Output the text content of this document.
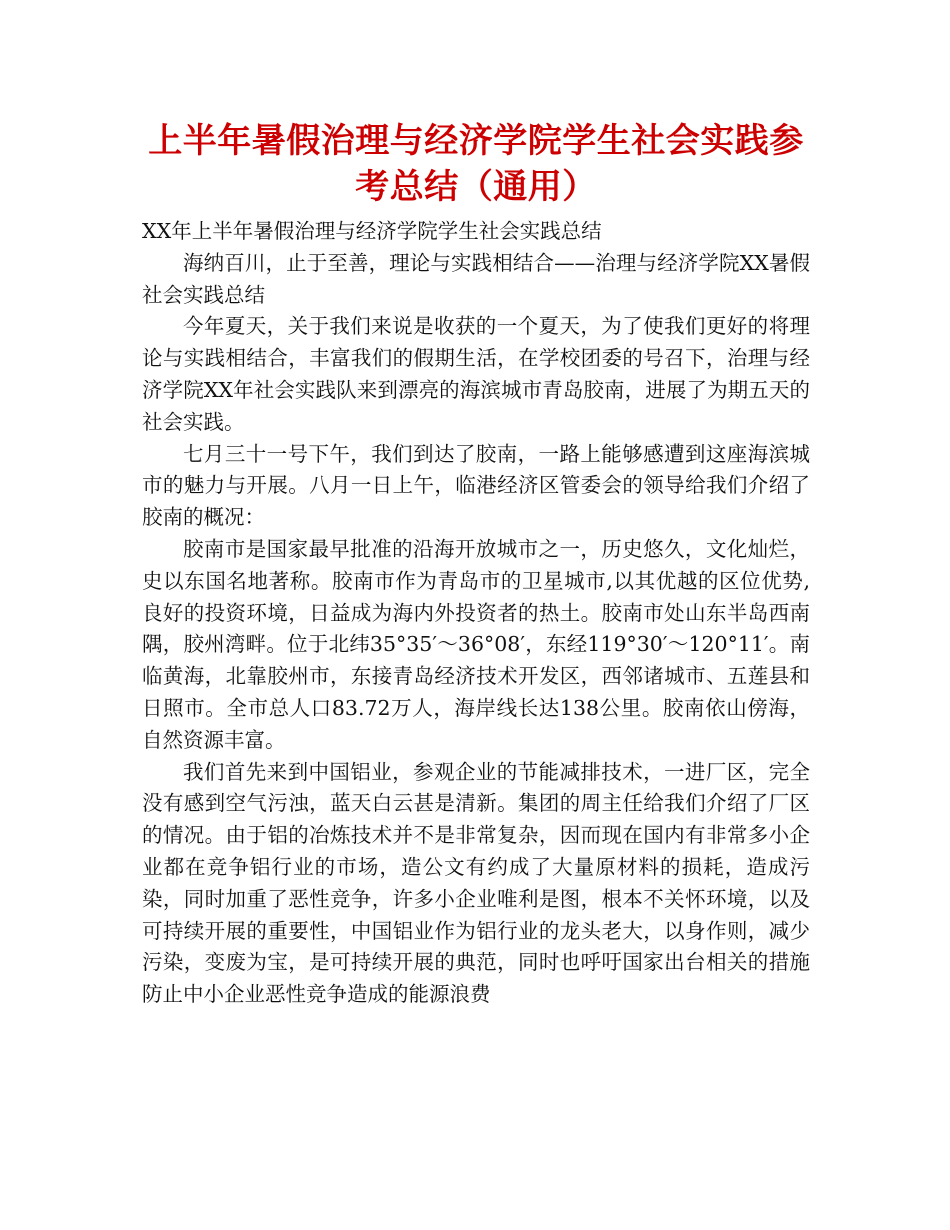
上半年暑假治理与经济学院学生社会实践参考总结（通用）

XX年上半年暑假治理与经济学院学生社会实践总结

海纳百川，止于至善，理论与实践相结合——治理与经济学院XX暑假社会实践总结

今年夏天，关于我们来说是收获的一个夏天，为了使我们更好的将理论与实践相结合，丰富我们的假期生活，在学校团委的号召下，治理与经济学院XX年社会实践队来到漂亮的海滨城市青岛胶南，进展了为期五天的社会实践。

七月三十一号下午，我们到达了胶南，一路上能够感遭到这座海滨城市的魅力与开展。八月一日上午，临港经济区管委会的领导给我们介绍了胶南的概况：

胶南市是国家最早批准的沿海开放城市之一，历史悠久，文化灿烂，史以东国名地著称。胶南市作为青岛市的卫星城市,以其优越的区位优势,良好的投资环境，日益成为海内外投资者的热土。胶南市处山东半岛西南隅，胶州湾畔。位于北纬35°35′～36°08′，东经119°30′～120°11′。南临黄海，北靠胶州市，东接青岛经济技术开发区，西邻诸城市、五莲县和日照市。全市总人口83.72万人，海岸线长达138公里。胶南依山傍海，自然资源丰富。

我们首先来到中国铝业，参观企业的节能减排技术，一进厂区，完全没有感到空气污浊，蓝天白云甚是清新。集团的周主任给我们介绍了厂区的情况。由于铝的冶炼技术并不是非常复杂，因而现在国内有非常多小企业都在竞争铝行业的市场，造公文有约成了大量原材料的损耗，造成污染，同时加重了恶性竞争，许多小企业唯利是图，根本不关怀环境，以及可持续开展的重要性，中国铝业作为铝行业的龙头老大，以身作则，减少污染，变废为宝，是可持续开展的典范，同时也呼吁国家出台相关的措施防止中小企业恶性竞争造成的能源浪费
